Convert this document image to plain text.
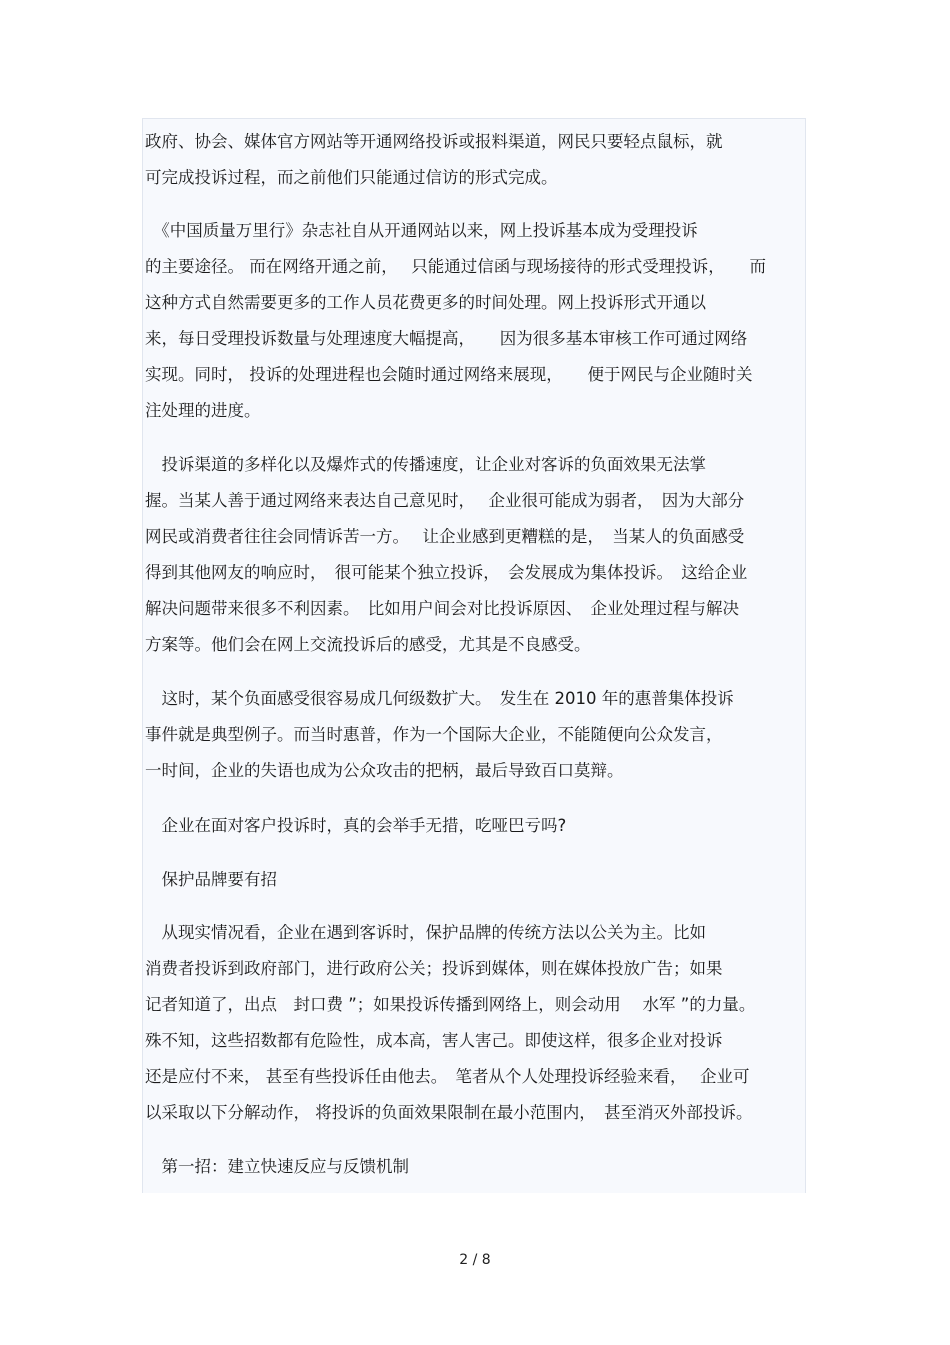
政府、协会、媒体官方网站等开通网络投诉或报料渠道，网民只要轻点鼠标，就
可完成投诉过程，而之前他们只能通过信访的形式完成。
　《中国质量万里行》杂志社自从开通网站以来，网上投诉基本成为受理投诉
的主要途径。 而在网络开通之前，　 只能通过信函与现场接待的形式受理投诉，　　而
这种方式自然需要更多的工作人员花费更多的时间处理。网上投诉形式开通以
来，每日受理投诉数量与处理速度大幅提高，　　因为很多基本审核工作可通过网络
实现。同时， 投诉的处理进程也会随时通过网络来展现，　　便于网民与企业随时关
注处理的进度。
　投诉渠道的多样化以及爆炸式的传播速度，让企业对客诉的负面效果无法掌
握。当某人善于通过网络来表达自己意见时，　 企业很可能成为弱者，　因为大部分
网民或消费者往往会同情诉苦一方。　 让企业感到更糟糕的是，　当某人的负面感受
得到其他网友的响应时，　很可能某个独立投诉，　会发展成为集体投诉。　这给企业
解决问题带来很多不利因素。　比如用户间会对比投诉原因、　企业处理过程与解决
方案等。他们会在网上交流投诉后的感受，尤其是不良感受。
　这时，某个负面感受很容易成几何级数扩大。　发生在 2010 年的惠普集体投诉
事件就是典型例子。而当时惠普，作为一个国际大企业，不能随便向公众发言，
一时间，企业的失语也成为公众攻击的把柄，最后导致百口莫辩。
　企业在面对客户投诉时，真的会举手无措，吃哑巴亏吗?
　保护品牌要有招
　从现实情况看，企业在遇到客诉时，保护品牌的传统方法以公关为主。比如
消费者投诉到政府部门，进行政府公关；投诉到媒体，则在媒体投放广告；如果
记者知道了，出点　封口费 ”；如果投诉传播到网络上，则会动用　 水军 ”的力量。
殊不知，这些招数都有危险性，成本高，害人害己。即使这样，很多企业对投诉
还是应付不来， 甚至有些投诉任由他去。　笔者从个人处理投诉经验来看，　 企业可
以采取以下分解动作， 将投诉的负面效果限制在最小范围内，　甚至消灭外部投诉。
　第一招：建立快速反应与反馈机制
2 / 8
